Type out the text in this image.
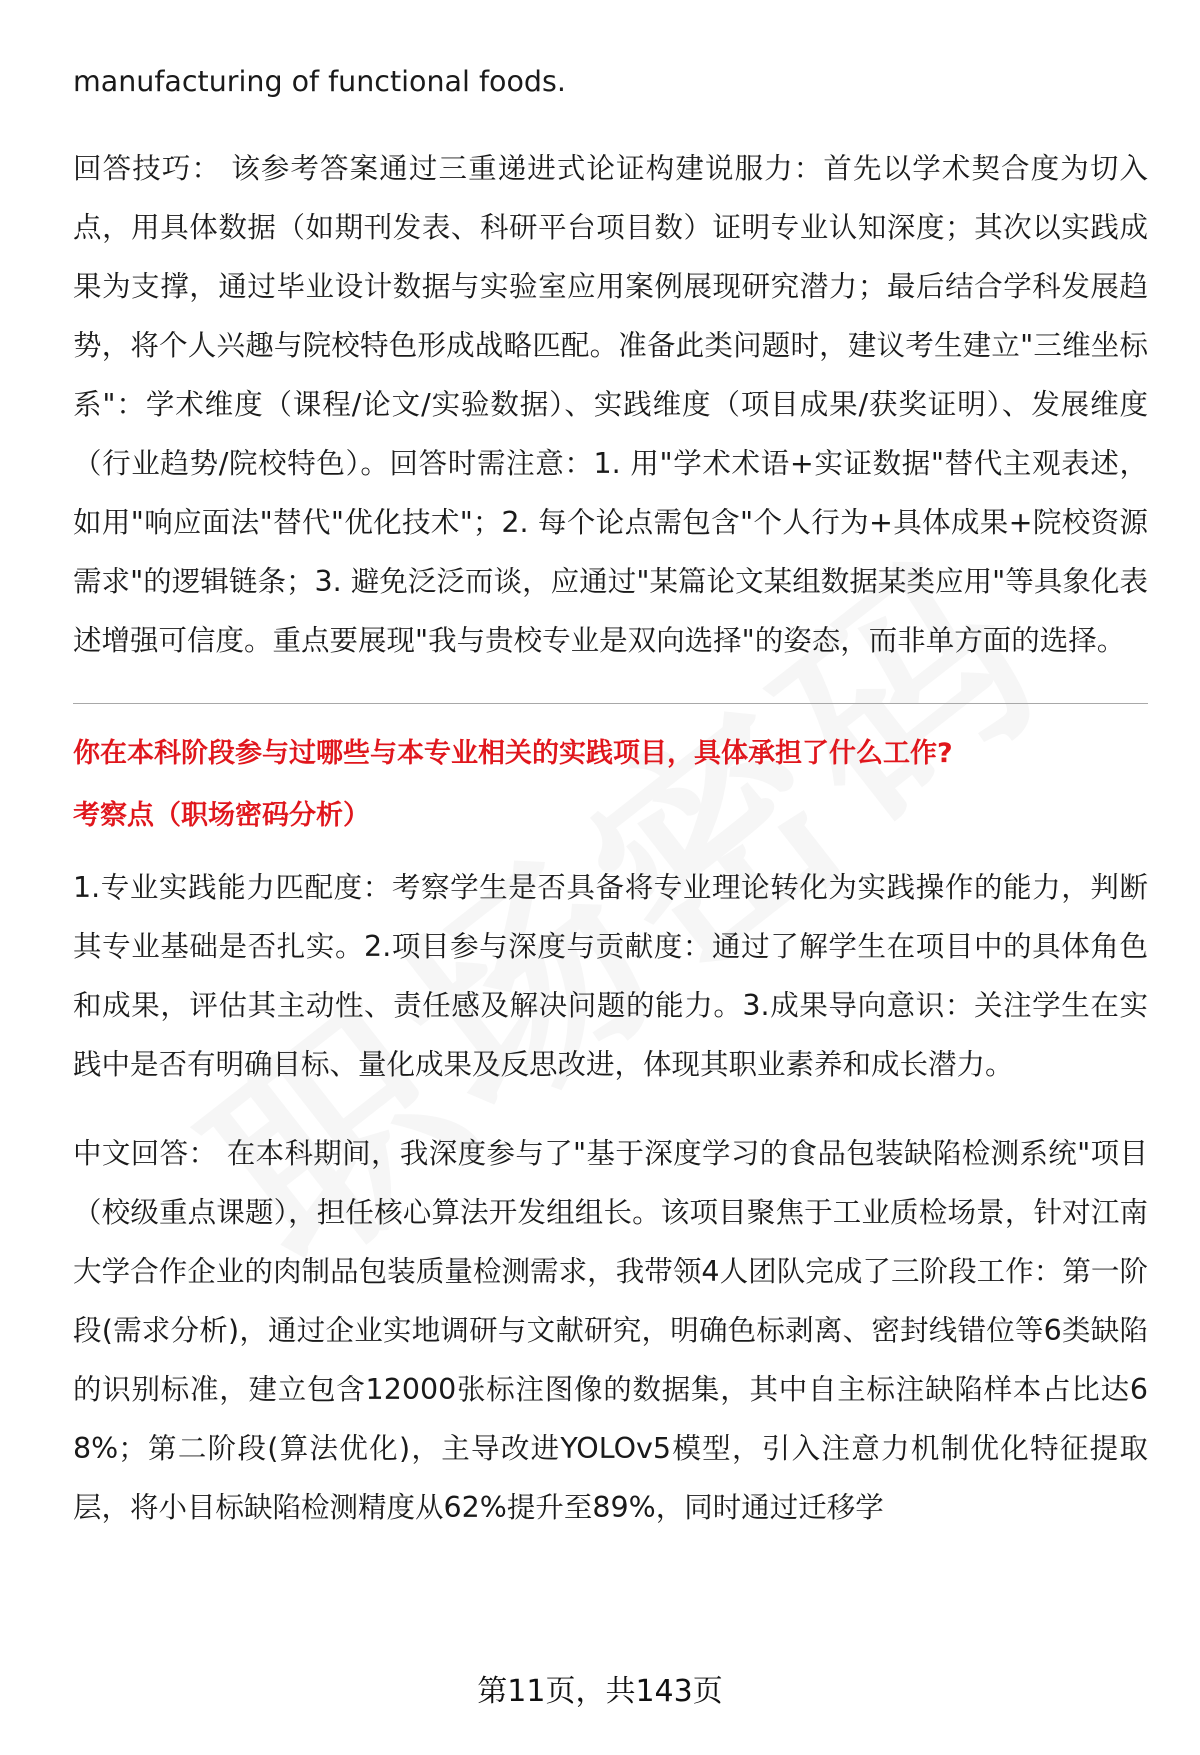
manufacturing of functional foods.

回答技巧： 该参考答案通过三重递进式论证构建说服力：首先以学术契合度为切入点，用具体数据（如期刊发表、科研平台项目数）证明专业认知深度；其次以实践成果为支撑，通过毕业设计数据与实验室应用案例展现研究潜力；最后结合学科发展趋势，将个人兴趣与院校特色形成战略匹配。准备此类问题时，建议考生建立"三维坐标系"：学术维度（课程/论文/实验数据）、实践维度（项目成果/获奖证明）、发展维度（行业趋势/院校特色）。回答时需注意：1. 用"学术术语+实证数据"替代主观表述，如用"响应面法"替代"优化技术"；2. 每个论点需包含"个人行为+具体成果+院校资源需求"的逻辑链条；3. 避免泛泛而谈，应通过"某篇论文某组数据某类应用"等具象化表述增强可信度。重点要展现"我与贵校专业是双向选择"的姿态，而非单方面的选择。

你在本科阶段参与过哪些与本专业相关的实践项目，具体承担了什么工作?

考察点（职场密码分析）

1.专业实践能力匹配度：考察学生是否具备将专业理论转化为实践操作的能力，判断其专业基础是否扎实。2.项目参与深度与贡献度：通过了解学生在项目中的具体角色和成果，评估其主动性、责任感及解决问题的能力。3.成果导向意识：关注学生在实践中是否有明确目标、量化成果及反思改进，体现其职业素养和成长潜力。

中文回答： 在本科期间，我深度参与了"基于深度学习的食品包装缺陷检测系统"项目（校级重点课题），担任核心算法开发组组长。该项目聚焦于工业质检场景，针对江南大学合作企业的肉制品包装质量检测需求，我带领4人团队完成了三阶段工作：第一阶段(需求分析)，通过企业实地调研与文献研究，明确色标剥离、密封线错位等6类缺陷的识别标准，建立包含12000张标注图像的数据集，其中自主标注缺陷样本占比达68%；第二阶段(算法优化)，主导改进YOLOv5模型，引入注意力机制优化特征提取层，将小目标缺陷检测精度从62%提升至89%，同时通过迁移学

第11页，共143页
